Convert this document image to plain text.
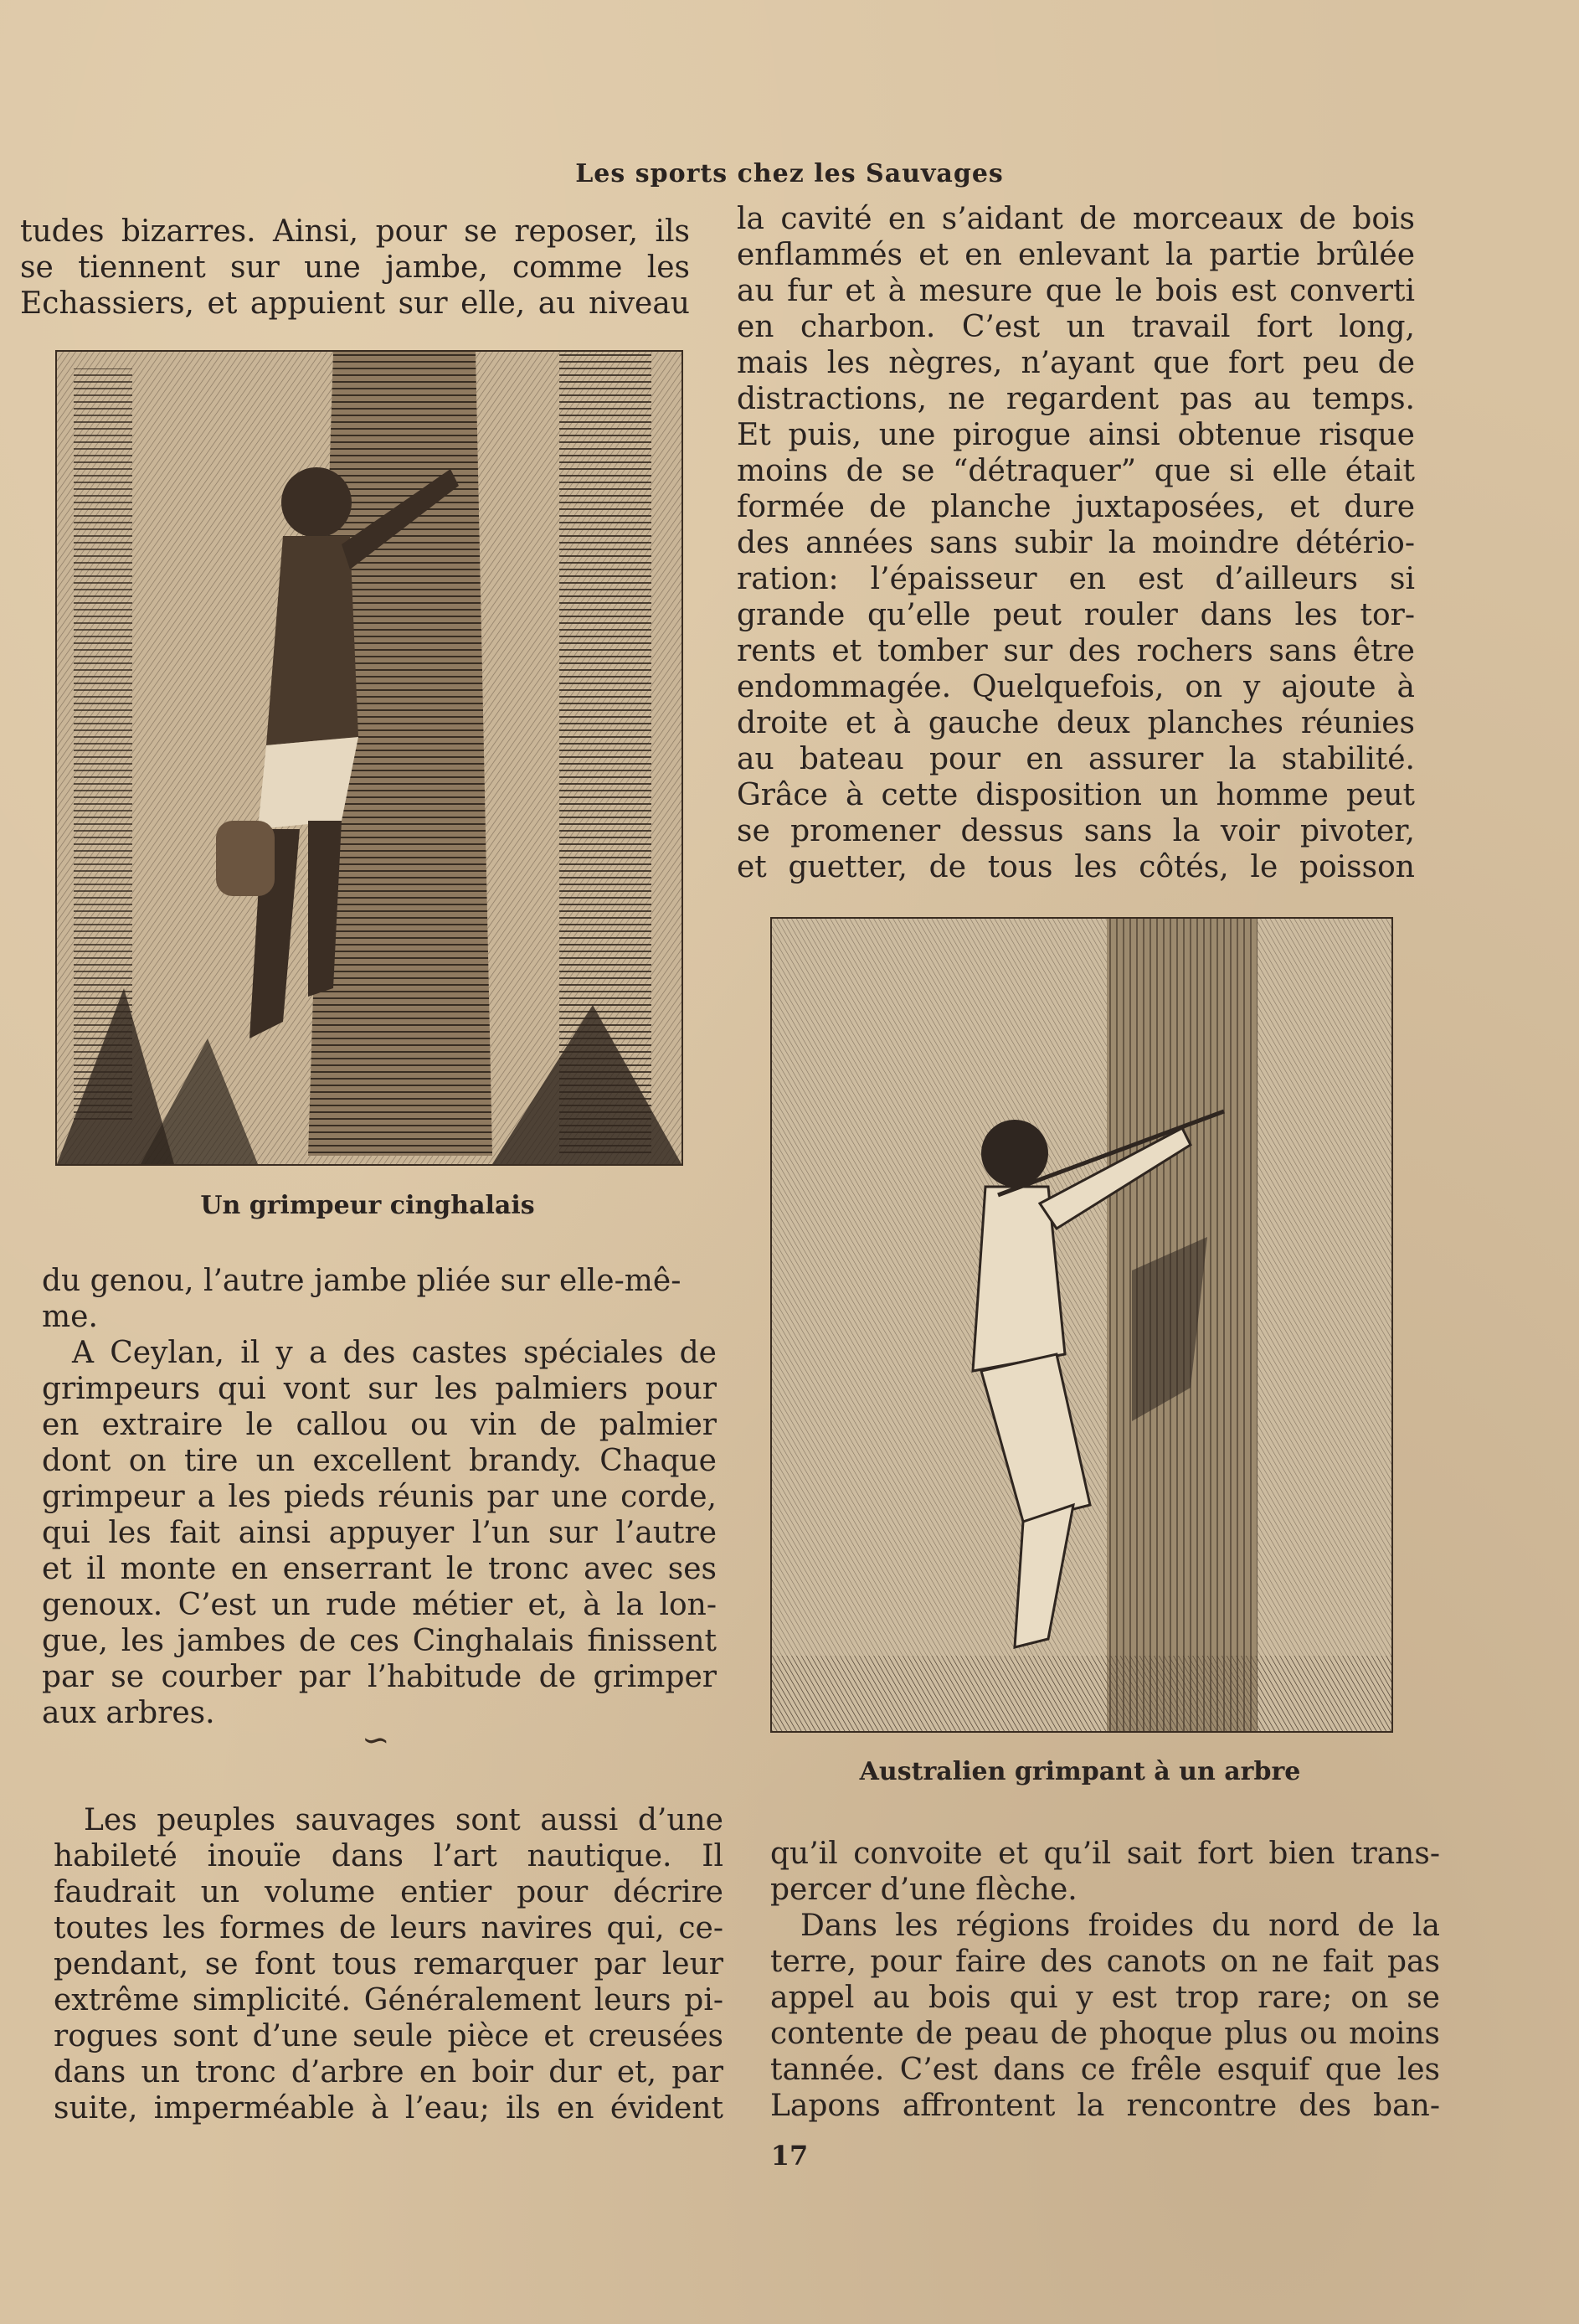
Les sports chez les Sauvages
tudes bizarres. Ainsi, pour se reposer, ils
se tiennent sur une jambe, comme les
Echassiers, et appuient sur elle, au niveau
Un grimpeur cinghalais
du genou, l’autre jambe pliée sur elle-mê-
me.
A Ceylan, il y a des castes spéciales de
grimpeurs qui vont sur les palmiers pour
en extraire le callou ou vin de palmier
dont on tire un excellent brandy. Chaque
grimpeur a les pieds réunis par une corde,
qui les fait ainsi appuyer l’un sur l’autre
et il monte en enserrant le tronc avec ses
genoux. C’est un rude métier et, à la lon-
gue, les jambes de ces Cinghalais finissent
par se courber par l’habitude de grimper
aux arbres.
∽
Les peuples sauvages sont aussi d’une
habileté inouïe dans l’art nautique. Il
faudrait un volume entier pour décrire
toutes les formes de leurs navires qui, ce-
pendant, se font tous remarquer par leur
extrême simplicité. Généralement leurs pi-
rogues sont d’une seule pièce et creusées
dans un tronc d’arbre en boir dur et, par
suite, imperméable à l’eau; ils en évident
la cavité en s’aidant de morceaux de bois
enflammés et en enlevant la partie brûlée
au fur et à mesure que le bois est converti
en charbon. C’est un travail fort long,
mais les nègres, n’ayant que fort peu de
distractions, ne regardent pas au temps.
Et puis, une pirogue ainsi obtenue risque
moins de se “détraquer” que si elle était
formée de planche juxtaposées, et dure
des années sans subir la moindre détério-
ration: l’épaisseur en est d’ailleurs si
grande qu’elle peut rouler dans les tor-
rents et tomber sur des rochers sans être
endommagée. Quelquefois, on y ajoute à
droite et à gauche deux planches réunies
au bateau pour en assurer la stabilité.
Grâce à cette disposition un homme peut
se promener dessus sans la voir pivoter,
et guetter, de tous les côtés, le poisson
Australien grimpant à un arbre
qu’il convoite et qu’il sait fort bien trans-
percer d’une flèche.
Dans les régions froides du nord de la
terre, pour faire des canots on ne fait pas
appel au bois qui y est trop rare; on se
contente de peau de phoque plus ou moins
tannée. C’est dans ce frêle esquif que les
Lapons affrontent la rencontre des ban-
17
